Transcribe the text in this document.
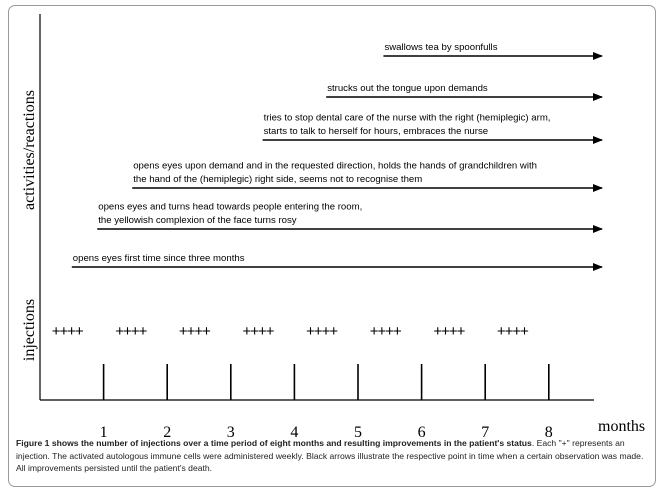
activities/reactions
injections
months
1	2	3	4	5	6	7	8
++++ ++++ ++++ ++++ ++++ ++++ ++++ ++++
swallows tea by spoonfulls
strucks out the tongue upon demands
tries to stop dental care of the nurse with the right (hemiplegic) arm,
starts to talk to herself for hours, embraces the nurse
opens eyes upon demand and in the requested direction, holds the hands of grandchildren with
the hand of the (hemiplegic) right side, seems not to recognise them
opens eyes and turns head towards people entering the room,
the yellowish complexion of the face turns rosy
opens eyes first time since three months
Figure 1 shows the number of injections over a time period of eight months and resulting improvements in the patient's status. Each "+" represents an injection. The activated autologous immune cells were administered weekly. Black arrows illustrate the respective point in time when a certain observation was made. All improvements persisted until the patient's death.
